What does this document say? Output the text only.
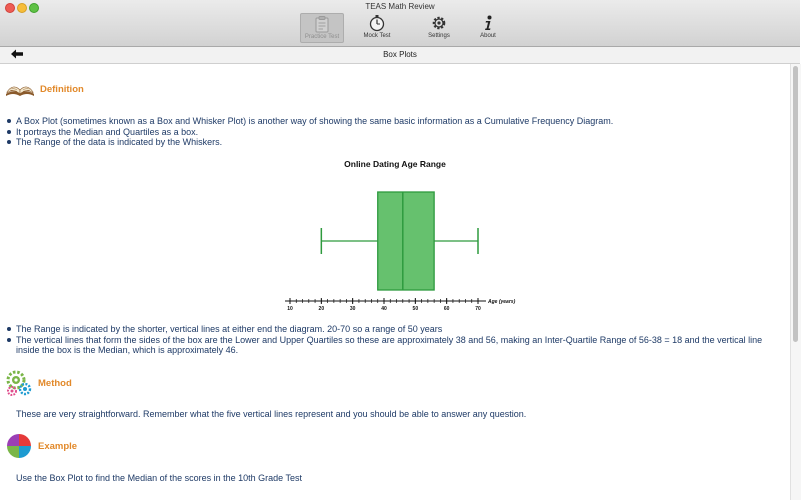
TEAS Math Review
Practice Test	Mock Test	Settings	About
Box Plots
Definition
A Box Plot (sometimes known as a Box and Whisker Plot) is another way of showing the same basic information as a Cumulative Frequency Diagram.
It portrays the Median and Quartiles as a box.
The Range of the data is indicated by the Whiskers.
Online Dating Age Range
10	20	30	40	50	60	70
Age (years)
The Range is indicated by the shorter, vertical lines at either end the diagram. 20-70 so a range of 50 years
The vertical lines that form the sides of the box are the Lower and Upper Quartiles so these are approximately 38 and 56, making an Inter-Quartile Range of 56-38 = 18 and the vertical line inside the box is the Median, which is approximately 46.
Method
These are very straightforward. Remember what the five vertical lines represent and you should be able to answer any question.
Example
Use the Box Plot to find the Median of the scores in the 10th Grade Test
